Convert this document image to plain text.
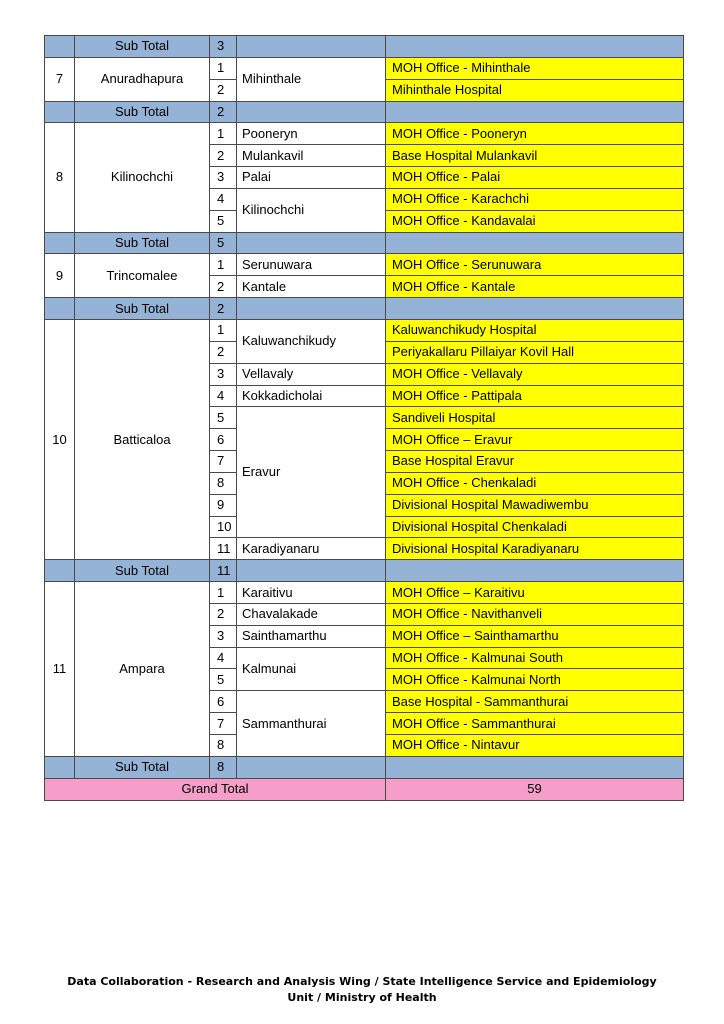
	Sub Total	3		
7	Anuradhapura	1	Mihinthale	MOH Office - Mihinthale
		2		Mihinthale Hospital
	Sub Total	2		
8	Kilinochchi	1	Pooneryn	MOH Office - Pooneryn
		2	Mulankavil	Base Hospital Mulankavil
		3	Palai	MOH Office - Palai
		4	Kilinochchi	MOH Office - Karachchi
		5		MOH Office - Kandavalai
	Sub Total	5		
9	Trincomalee	1	Serunuwara	MOH Office - Serunuwara
		2	Kantale	MOH Office - Kantale
	Sub Total	2		
10	Batticaloa	1	Kaluwanchikudy	Kaluwanchikudy Hospital
		2		Periyakallaru Pillaiyar Kovil Hall
		3	Vellavaly	MOH Office - Vellavaly
		4	Kokkadicholai	MOH Office - Pattipala
		5	Eravur	Sandiveli Hospital
		6		MOH Office – Eravur
		7		Base Hospital Eravur
		8		MOH Office - Chenkaladi
		9		Divisional Hospital Mawadiwembu
		10		Divisional Hospital Chenkaladi
		11	Karadiyanaru	Divisional Hospital Karadiyanaru
	Sub Total	11		
11	Ampara	1	Karaitivu	MOH Office – Karaitivu
		2	Chavalakade	MOH Office - Navithanveli
		3	Sainthamarthu	MOH Office – Sainthamarthu
		4	Kalmunai	MOH Office - Kalmunai South
		5		MOH Office - Kalmunai North
		6	Sammanthurai	Base Hospital - Sammanthurai
		7		MOH Office - Sammanthurai
		8		MOH Office - Nintavur
	Sub Total	8		
Grand Total				59
Data Collaboration - Research and Analysis Wing / State Intelligence Service and Epidemiology
Unit / Ministry of Health
